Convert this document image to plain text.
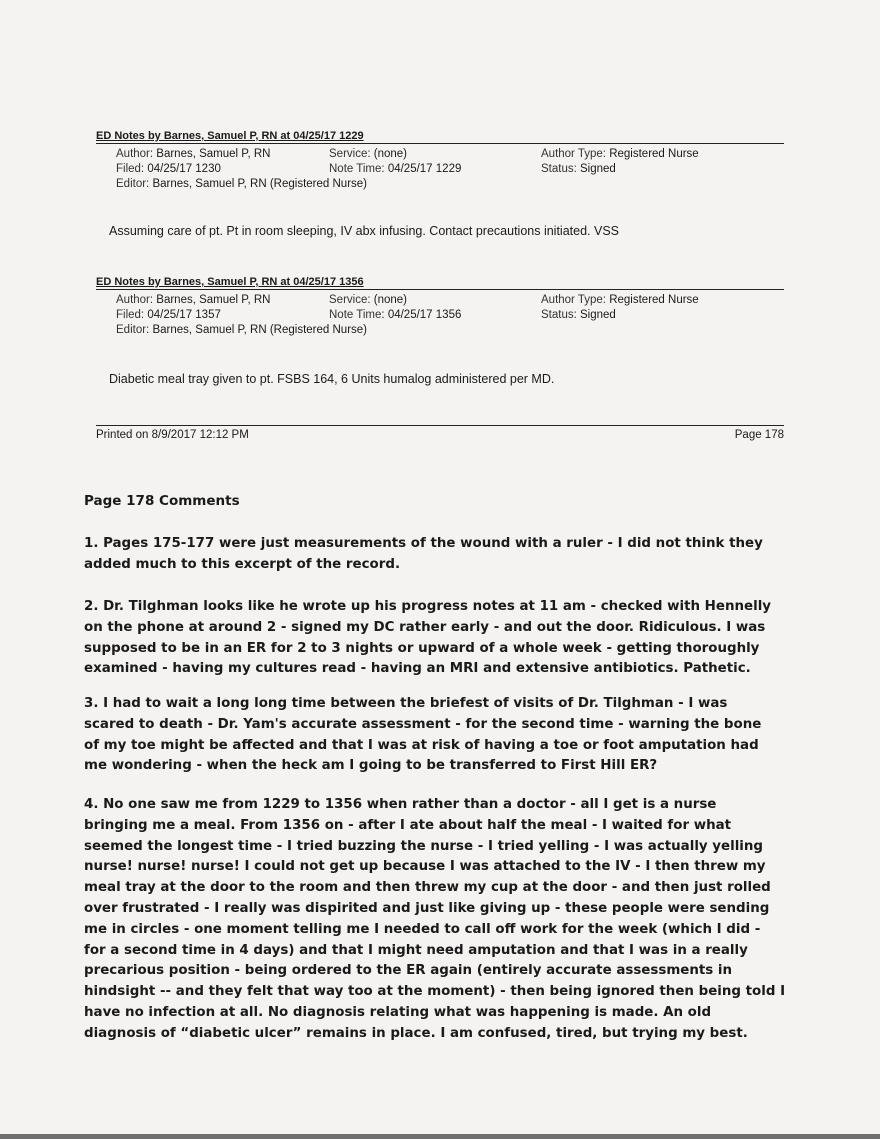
ED Notes by Barnes, Samuel P, RN at 04/25/17 1229
Author: Barnes, Samuel P, RN
Filed: 04/25/17 1230
Editor: Barnes, Samuel P, RN (Registered Nurse)
Service: (none)
Note Time: 04/25/17 1229
Author Type: Registered Nurse
Status: Signed
Assuming care of pt. Pt in room sleeping, IV abx infusing. Contact precautions initiated. VSS
ED Notes by Barnes, Samuel P, RN at 04/25/17 1356
Author: Barnes, Samuel P, RN
Filed: 04/25/17 1357
Editor: Barnes, Samuel P, RN (Registered Nurse)
Service: (none)
Note Time: 04/25/17 1356
Author Type: Registered Nurse
Status: Signed
Diabetic meal tray given to pt. FSBS 164, 6 Units humalog administered per MD.
Printed on 8/9/2017 12:12 PM	Page 178
Page 178 Comments
1. Pages 175-177 were just measurements of the wound with a ruler - I did not think they
added much to this excerpt of the record.
2. Dr. Tilghman looks like he wrote up his progress notes at 11 am - checked with Hennelly
on the phone at around 2 - signed my DC rather early - and out the door. Ridiculous. I was
supposed to be in an ER for 2 to 3 nights or upward of a whole week - getting thoroughly
examined - having my cultures read - having an MRI and extensive antibiotics. Pathetic.
3. I had to wait a long long time between the briefest of visits of Dr. Tilghman - I was
scared to death - Dr. Yam's accurate assessment - for the second time - warning the bone
of my toe might be affected and that I was at risk of having a toe or foot amputation had
me wondering - when the heck am I going to be transferred to First Hill ER?
4. No one saw me from 1229 to 1356 when rather than a doctor - all I get is a nurse
bringing me a meal. From 1356 on - after I ate about half the meal - I waited for what
seemed the longest time - I tried buzzing the nurse - I tried yelling - I was actually yelling
nurse! nurse! nurse! I could not get up because I was attached to the IV - I then threw my
meal tray at the door to the room and then threw my cup at the door - and then just rolled
over frustrated - I really was dispirited and just like giving up - these people were sending
me in circles - one moment telling me I needed to call off work for the week (which I did -
for a second time in 4 days) and that I might need amputation and that I was in a really
precarious position - being ordered to the ER again (entirely accurate assessments in
hindsight -- and they felt that way too at the moment) - then being ignored then being told I
have no infection at all. No diagnosis relating what was happening is made. An old
diagnosis of “diabetic ulcer” remains in place. I am confused, tired, but trying my best.
